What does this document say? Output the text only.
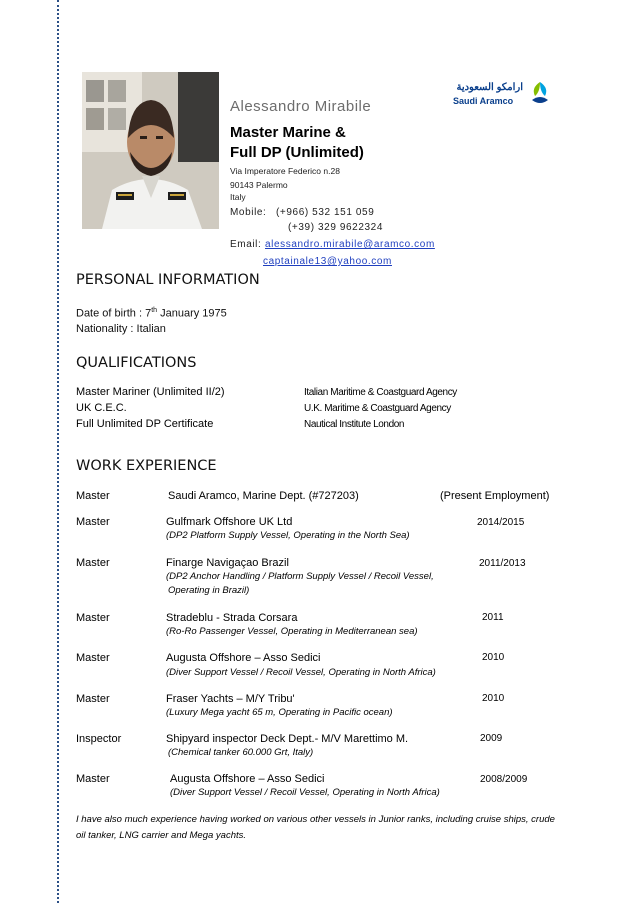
Alessandro Mirabile
Master Marine &
Full DP (Unlimited)
Via Imperatore Federico n.28
90143 Palermo
Italy
Mobile: (+966) 532 151 059
(+39) 329 9622324
Email: alessandro.mirabile@aramco.com
captainale13@yahoo.com
ارامكو السعودية
Saudi Aramco
PERSONAL INFORMATION
Date of birth : 7th January 1975
Nationality : Italian
QUALIFICATIONS
Master Mariner (Unlimited II/2)	Italian Maritime & Coastguard Agency
UK C.E.C.	U.K. Maritime & Coastguard Agency
Full Unlimited DP Certificate	Nautical Institute London
WORK EXPERIENCE
Master	Saudi Aramco, Marine Dept. (#727203)	(Present Employment)
Master	Gulfmark Offshore UK Ltd	2014/2015
(DP2 Platform Supply Vessel, Operating in the North Sea)
Master	Finarge Navigaçao Brazil	2011/2013
(DP2 Anchor Handling / Platform Supply Vessel / Recoil Vessel,
Operating in Brazil)
Master	Stradeblu - Strada Corsara	2011
(Ro-Ro Passenger Vessel, Operating in Mediterranean sea)
Master	Augusta Offshore – Asso Sedici	2010
(Diver Support Vessel / Recoil Vessel, Operating in North Africa)
Master	Fraser Yachts – M/Y Tribu'	2010
(Luxury Mega yacht 65 m, Operating in Pacific ocean)
Inspector	Shipyard inspector Deck Dept.- M/V Marettimo M.	2009
(Chemical tanker 60.000 Grt, Italy)
Master	Augusta Offshore – Asso Sedici	2008/2009
(Diver Support Vessel / Recoil Vessel, Operating in North Africa)
I have also much experience having worked on various other vessels in Junior ranks, including cruise ships, crude oil tanker, LNG carrier and Mega yachts.
